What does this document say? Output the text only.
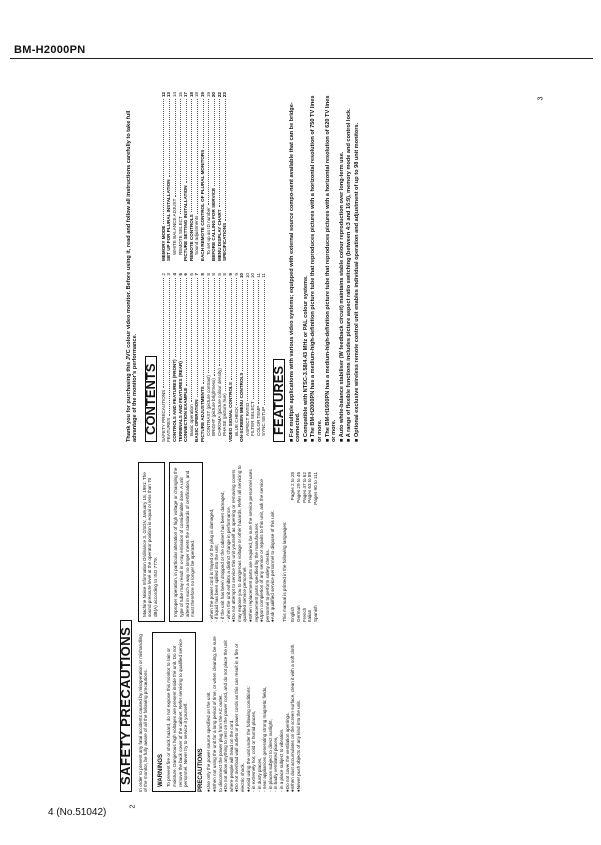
BM-H2000PN
SAFETY PRECAUTIONS In order to prevent any fatal accidents caused by misoperation or mishandling of the monitor, be fully aware of all the following precautions. WARNINGS To prevent fire or shock hazard, do not expose this monitor to rain or moisture. Dangerous high voltages are present inside the unit. Do not remove the back cover of the cabinet. Refer servicing to qualified service personnel. Never try to service it yourself. PRECAUTIONS ●Use only the power source specified on the unit. ●When not using the unit for a long period of time, or when cleaning, be sure to disconnect the power plug from the AC outlet. ●Do not allow anything to rest on the power cord, and do not place the unit where people will tread on the cord. ●Do not overload wall outlets or power cords as this can result in a fire or electric shock. ●Avoid using the unit under the following conditions: - in extremely hot, cold or humid places, - in dusty places, - near appliances generating strong magnetic fields, - in places subject to direct sunlight, - in badly ventilated places, - in a place subject to vibration. ●Do not cover the ventilation openings. ●When dust accumulates on the screen surface, clean it with a soft cloth. ●Never push objects of any kind into the unit.

Machine Noise Information Ordinance 3. GSGV, January 18, 1991: The sound pressure level at the operator position is equal or less than 70 dB(A) according to ISO 7779.	Improper operation, in particular alteration of high voltage or changing the type of tube may result in x-ray emission of considerable dose. A unit altered in such a way no longer meets the standards of certification, and must therefore no longer be operated.	- when the power cord is frayed or the plug is damaged, - if liquid has been spilled into the unit, - if the unit has been dropped or the cabinet has been damaged, - when the unit exhibits a distinct change in performance. ●Do not attempt to service this unit yourself as opening or removing covers may expose you to dangerous voltage or other hazards. Refer all servicing to qualified service personnel. ●When replacement parts are required, be sure the service personnel uses replacement parts specified by the manufacturer. ●Upon completion of any service or repairs to this unit, ask the service personnel to perform safety checks. ●Ask qualified service personnel to dispose of this unit. This manual is printed in the following languages: English
Pages 2 to 28
German
Pages 29 to 46
French
Pages 47 to 62
Italian
Pages 63 to 89
Spanish
Pages 90 to 111

Thank you for purchasing this JVC colour video monitor. Before using it, read and follow all instructions carefully to take full advantage of the monitor's performance. CONTENTS SAFETY PRECAUTIONS
2
FEATURES
3
CONTROLS AND FEATURES (FRONT)
4
TERMINALS AND FEATURES (REAR)
5
CONNECTION EXAMPLE
6
Basic operation
6
BASIC OPERATION
7
PICTURE ADJUSTMENTS
8
CONTRAST (picture contrast)
8
BRIGHT (picture brightness)
8
CHROMA (picture colour density)
8
PHASE (picture hue)
8
VIDEO SIGNAL CONTROLS
9
BLUE CHECK
9
ON-SCREEN MENU CONTROLS
10
ASPECT RATIO
10
FILTER SELECT
10
COLOR TEMP
11
SYNC SETUP
11
MEMORY MODE
12
SET UP FOR PLURAL INSTALLATION
13
WHITE BALANCE ADJUST
14
REMOTE SELECT
15
PICTURE SETTING INSTALLATION
17
REMOTE CONTROLS
18
Sound adjustments
18
EACH REMOTE CONTROL OF PLURAL MONITORS
19
To set up an ID number
19
BEFORE CALLING FOR SERVICE
20
MENU DISPLAY CHART
22
SPECIFICATIONS
23
FEATURES ■ For multiple applications with various video systems; equipped with external source compo-nent available that can be bridge-connected. ■ Compatible with NTSC-3.58/4.43 MHz or PAL colour systems. ■ The BM-H2000PN has a medium-high-definition picture tube that reproduces pictures with a horizontal resolution of 750 TV lines or more. ■ The BM-H1600PN has a medium-high-definition picture tube that reproduces pictures with a horizontal resolution of 620 TV lines or more. ■ Auto white-balance stabiliser (W feedback circuit) maintains stable colour reproduction over long-term use. ■ A range of flexible functions includes picture aspect ratio switching (between 4:3 and 16:9), memory mode and control lock. ■ Optional exclusive wireless remote control unit enables individual operation and adjustment of up to 98 unit monitors.

2
3
4 (No.51042)
